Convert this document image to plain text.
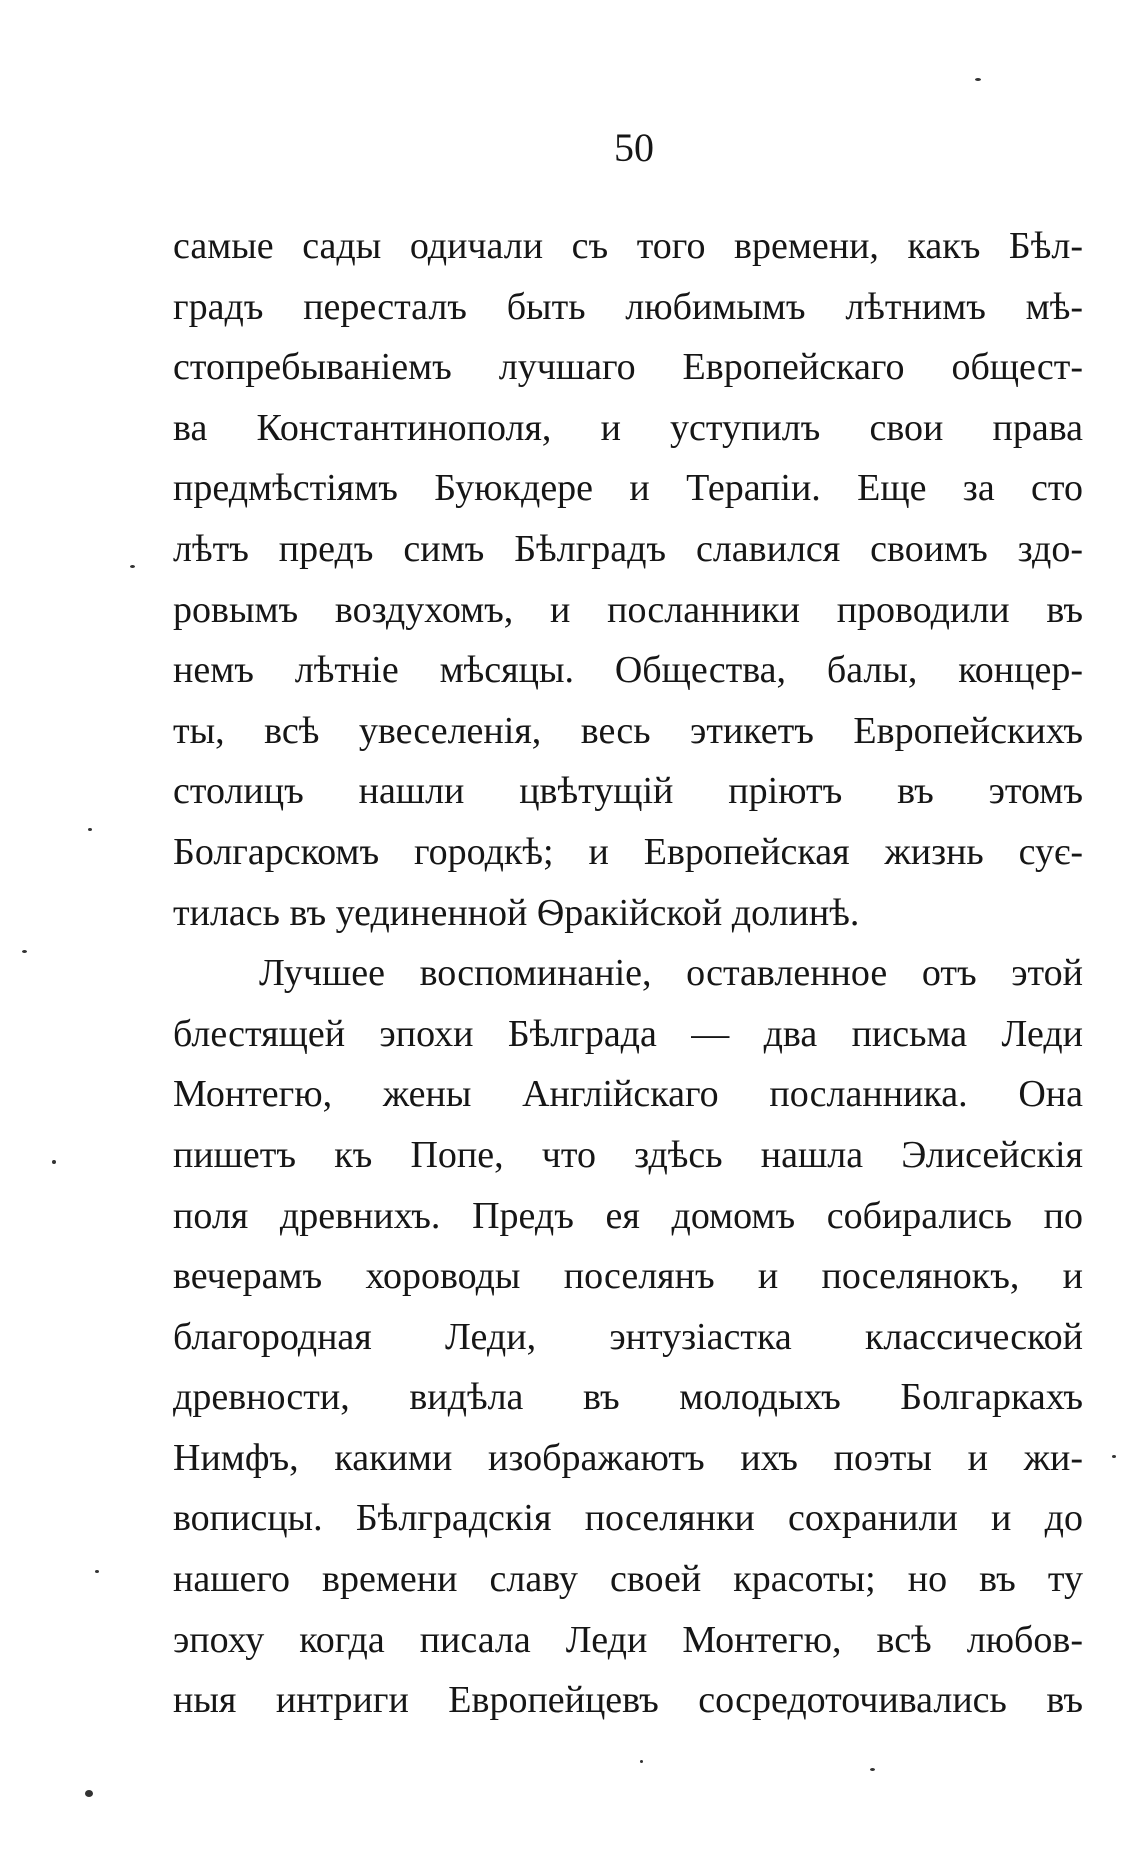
50
самые сады одичали съ того времени, какъ Бѣл-
градъ пересталъ быть любимымъ лѣтнимъ мѣ-
стопребываніемъ лучшаго Европейскаго общест-
ва Константинополя, и уступилъ свои права
предмѣстіямъ Буюкдере и Терапіи. Еще за сто
лѣтъ предъ симъ Бѣлградъ славился своимъ здо-
ровымъ воздухомъ, и посланники проводили въ
немъ лѣтніе мѣсяцы. Общества, балы, концер-
ты, всѣ увеселенія, весь этикетъ Европейскихъ
столицъ нашли цвѣтущій пріютъ въ этомъ
Болгарскомъ городкѣ; и Европейская жизнь сує-
тилась въ уединенной Ѳракійской долинѣ.
Лучшее воспоминаніе, оставленное отъ этой
блестящей эпохи Бѣлграда — два письма Леди
Монтегю, жены Англійскаго посланника. Она
пишетъ къ Попе, что здѣсь нашла Элисейскія
поля древнихъ. Предъ ея домомъ собирались по
вечерамъ хороводы поселянъ и поселянокъ, и
благородная Леди, энтузіастка классической
древности, видѣла въ молодыхъ Болгаркахъ
Нимфъ, какими изображаютъ ихъ поэты и жи-
вописцы. Бѣлградскія поселянки сохранили и до
нашего времени славу своей красоты; но въ ту
эпоху когда писала Леди Монтегю, всѣ любов-
ныя интриги Европейцевъ сосредоточивались въ
